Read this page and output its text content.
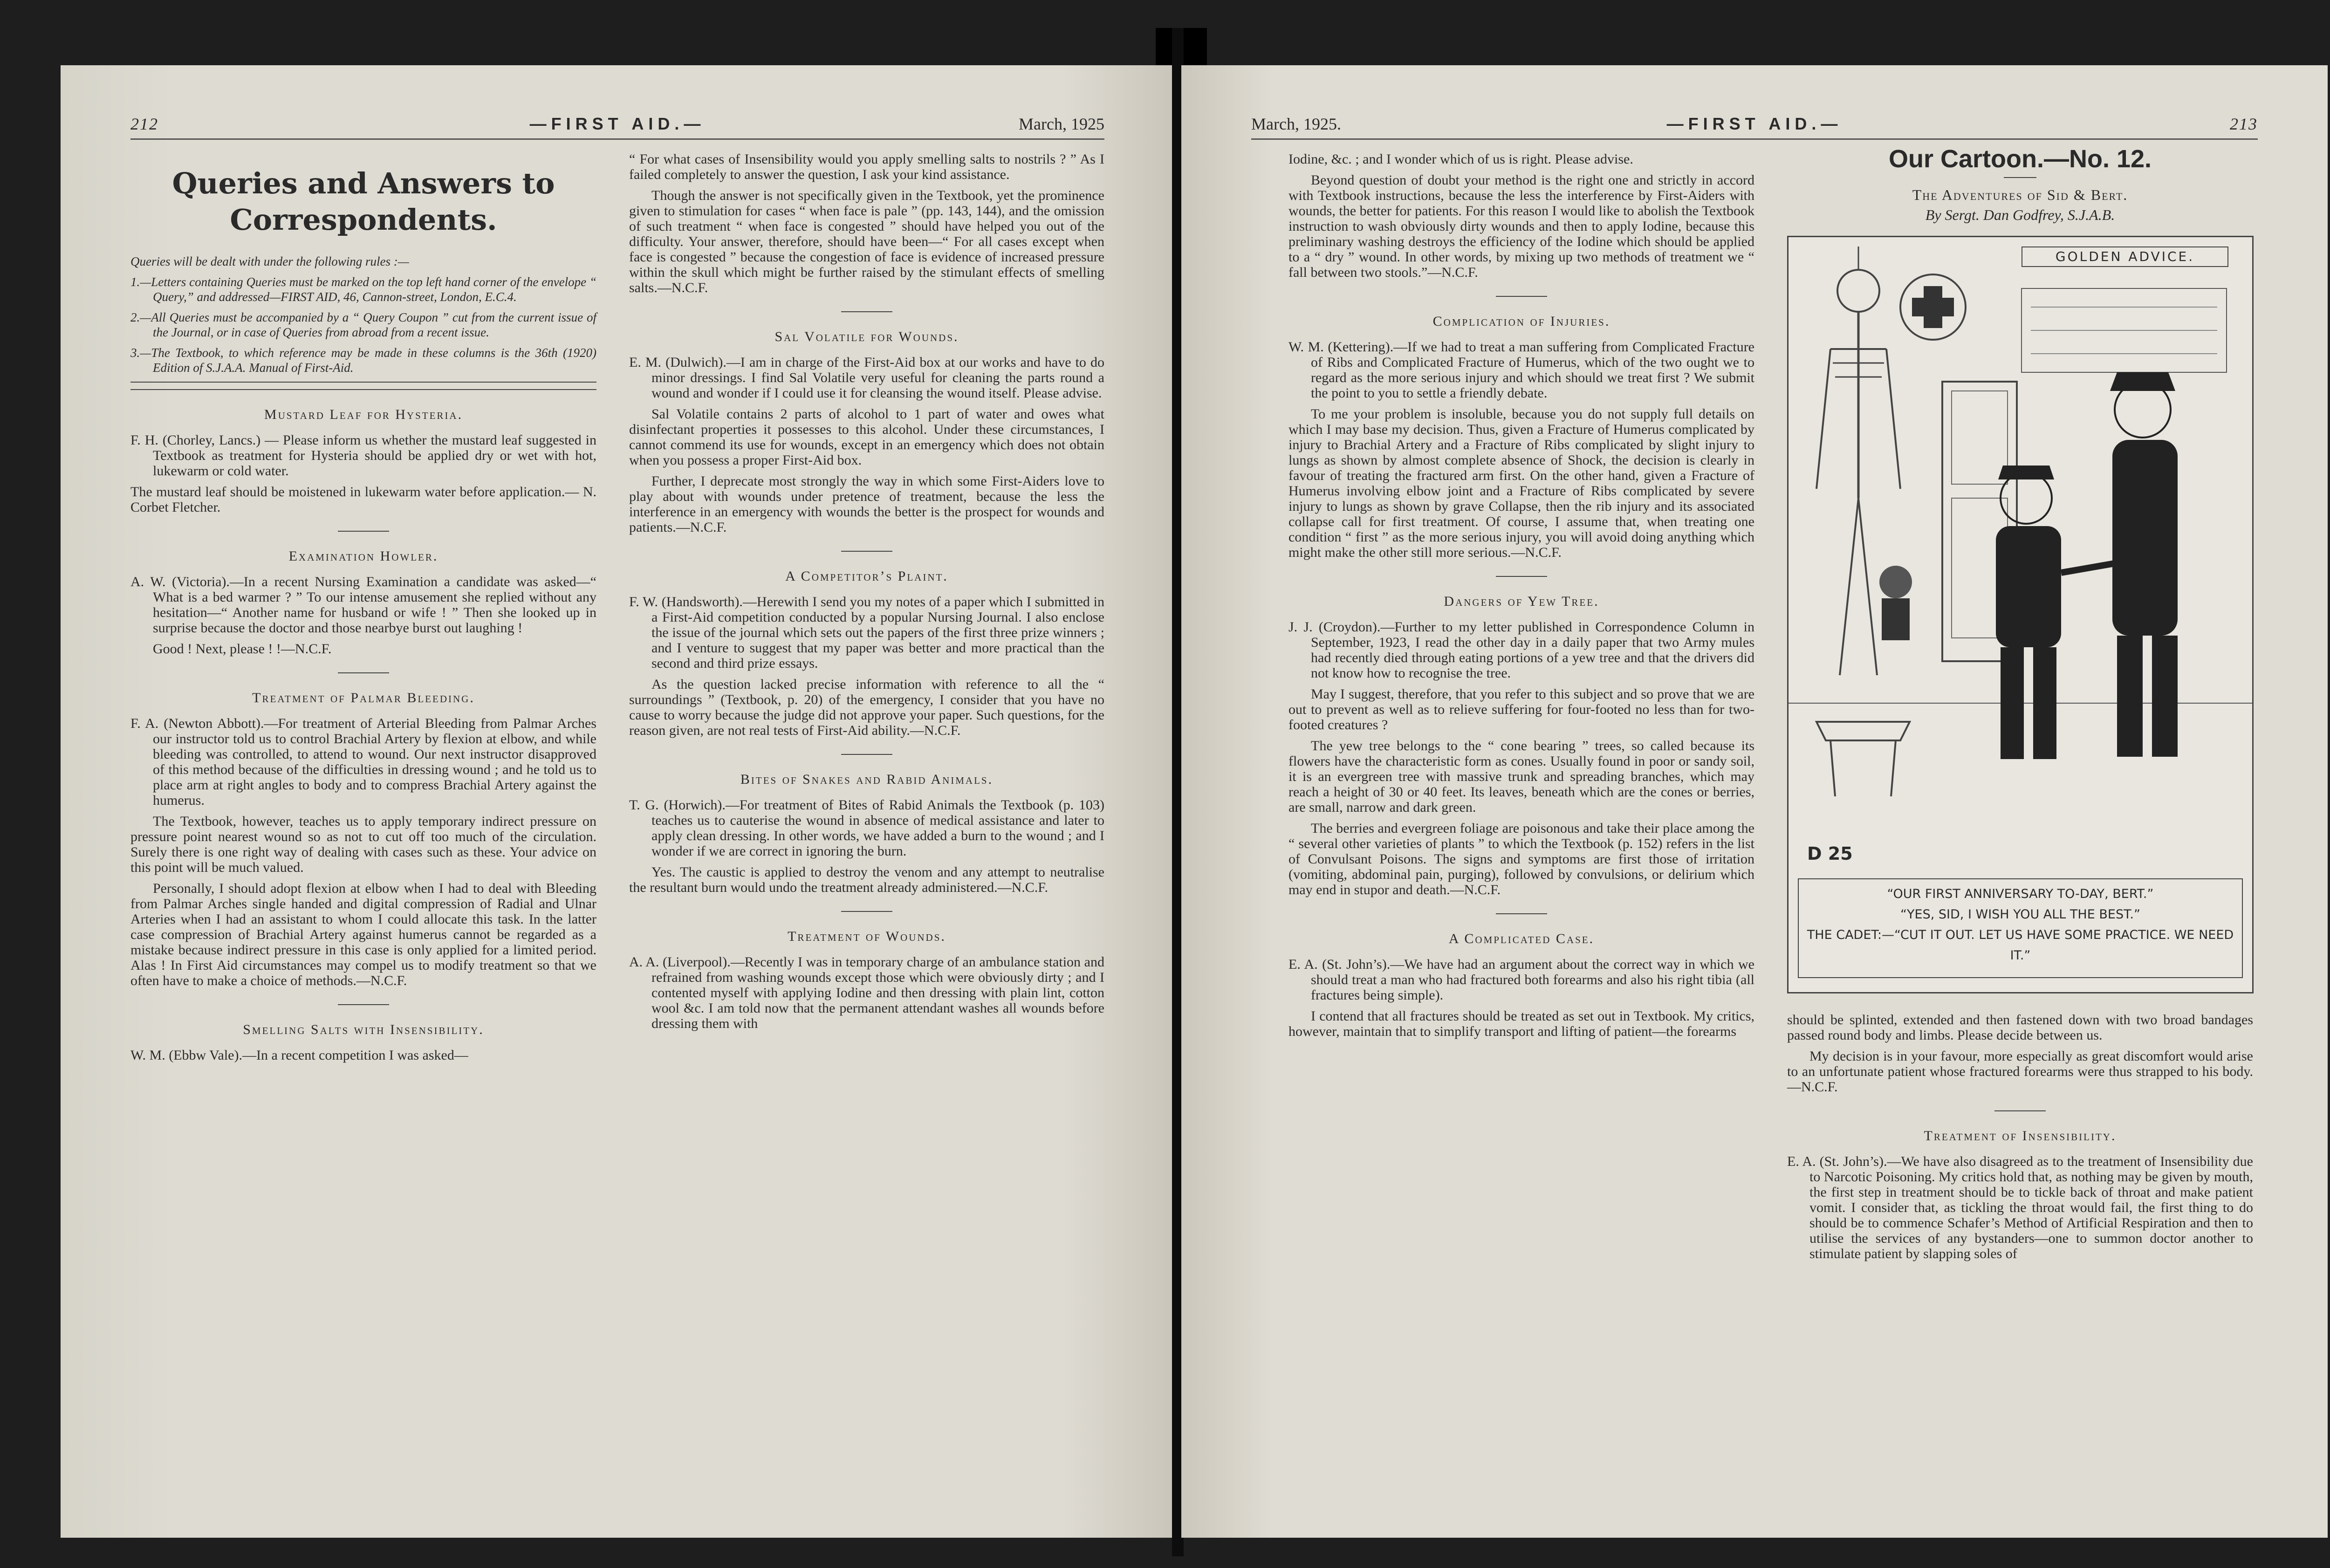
212	—FIRST AID.—	March, 1925
Queries and Answers to Correspondents.

Queries will be dealt with under the following rules :—

1.—Letters containing Queries must be marked on the top left hand corner of the envelope “ Query,” and addressed—FIRST AID, 46, Cannon-street, London, E.C.4.

2.—All Queries must be accompanied by a “ Query Coupon ” cut from the current issue of the Journal, or in case of Queries from abroad from a recent issue.

3.—The Textbook, to which reference may be made in these columns is the 36th (1920) Edition of S.J.A.A. Manual of First-Aid.

Mustard Leaf for Hysteria.

F. H. (Chorley, Lancs.) — Please inform us whether the mustard leaf suggested in Textbook as treatment for Hysteria should be applied dry or wet with hot, lukewarm or cold water.

The mustard leaf should be moistened in lukewarm water before application.— N. Corbet Fletcher.

Examination Howler.

A. W. (Victoria).—In a recent Nursing Examination a candidate was asked—“ What is a bed warmer ? ” To our intense amusement she replied without any hesitation—“ Another name for husband or wife ! ” Then she looked up in surprise because the doctor and those nearbye burst out laughing !

Good ! Next, please ! !—N.C.F.

Treatment of Palmar Bleeding.

F. A. (Newton Abbott).—For treatment of Arterial Bleeding from Palmar Arches our instructor told us to control Brachial Artery by flexion at elbow, and while bleeding was controlled, to attend to wound. Our next instructor disapproved of this method because of the difficulties in dressing wound ; and he told us to place arm at right angles to body and to compress Brachial Artery against the humerus.

The Textbook, however, teaches us to apply temporary indirect pressure on pressure point nearest wound so as not to cut off too much of the circulation. Surely there is one right way of dealing with cases such as these. Your advice on this point will be much valued.

Personally, I should adopt flexion at elbow when I had to deal with Bleeding from Palmar Arches single handed and digital compression of Radial and Ulnar Arteries when I had an assistant to whom I could allocate this task. In the latter case compression of Brachial Artery against humerus cannot be regarded as a mistake because indirect pressure in this case is only applied for a limited period. Alas ! In First Aid circumstances may compel us to modify treatment so that we often have to make a choice of methods.—N.C.F.

Smelling Salts with Insensibility.

W. M. (Ebbw Vale).—In a recent competition I was asked—

“ For what cases of Insensibility would you apply smelling salts to nostrils ? ” As I failed completely to answer the question, I ask your kind assistance.

Though the answer is not specifically given in the Textbook, yet the prominence given to stimulation for cases “ when face is pale ” (pp. 143, 144), and the omission of such treatment “ when face is congested ” should have helped you out of the difficulty. Your answer, therefore, should have been—“ For all cases except when face is congested ” because the congestion of face is evidence of increased pressure within the skull which might be further raised by the stimulant effects of smelling salts.—N.C.F.

Sal Volatile for Wounds.

E. M. (Dulwich).—I am in charge of the First-Aid box at our works and have to do minor dressings. I find Sal Volatile very useful for cleaning the parts round a wound and wonder if I could use it for cleansing the wound itself. Please advise.

Sal Volatile contains 2 parts of alcohol to 1 part of water and owes what disinfectant properties it possesses to this alcohol. Under these circumstances, I cannot commend its use for wounds, except in an emergency which does not obtain when you possess a proper First-Aid box.

Further, I deprecate most strongly the way in which some First-Aiders love to play about with wounds under pretence of treatment, because the less the interference in an emergency with wounds the better is the prospect for wounds and patients.—N.C.F.

A Competitor’s Plaint.

F. W. (Handsworth).—Herewith I send you my notes of a paper which I submitted in a First-Aid competition conducted by a popular Nursing Journal. I also enclose the issue of the journal which sets out the papers of the first three prize winners ; and I venture to suggest that my paper was better and more practical than the second and third prize essays.

As the question lacked precise information with reference to all the “ surroundings ” (Textbook, p. 20) of the emergency, I consider that you have no cause to worry because the judge did not approve your paper. Such questions, for the reason given, are not real tests of First-Aid ability.—N.C.F.

Bites of Snakes and Rabid Animals.

T. G. (Horwich).—For treatment of Bites of Rabid Animals the Textbook (p. 103) teaches us to cauterise the wound in absence of medical assistance and later to apply clean dressing. In other words, we have added a burn to the wound ; and I wonder if we are correct in ignoring the burn.

Yes. The caustic is applied to destroy the venom and any attempt to neutralise the resultant burn would undo the treatment already administered.—N.C.F.

Treatment of Wounds.

A. A. (Liverpool).—Recently I was in temporary charge of an ambulance station and refrained from washing wounds except those which were obviously dirty ; and I contented myself with applying Iodine and then dressing with plain lint, cotton wool &c. I am told now that the permanent attendant washes all wounds before dressing them with

March, 1925.	—FIRST AID.—	213

Iodine, &c. ; and I wonder which of us is right. Please advise.

Beyond question of doubt your method is the right one and strictly in accord with Textbook instructions, because the less the interference by First-Aiders with wounds, the better for patients. For this reason I would like to abolish the Textbook instruction to wash obviously dirty wounds and then to apply Iodine, because this preliminary washing destroys the efficiency of the Iodine which should be applied to a “ dry ” wound. In other words, by mixing up two methods of treatment we “ fall between two stools.”—N.C.F.

Complication of Injuries.

W. M. (Kettering).—If we had to treat a man suffering from Complicated Fracture of Ribs and Complicated Fracture of Humerus, which of the two ought we to regard as the more serious injury and which should we treat first ? We submit the point to you to settle a friendly debate.

To me your problem is insoluble, because you do not supply full details on which I may base my decision. Thus, given a Fracture of Humerus complicated by injury to Brachial Artery and a Fracture of Ribs complicated by slight injury to lungs as shown by almost complete absence of Shock, the decision is clearly in favour of treating the fractured arm first. On the other hand, given a Fracture of Humerus involving elbow joint and a Fracture of Ribs complicated by severe injury to lungs as shown by grave Collapse, then the rib injury and its associated collapse call for first treatment. Of course, I assume that, when treating one condition “ first ” as the more serious injury, you will avoid doing anything which might make the other still more serious.—N.C.F.

Dangers of Yew Tree.

J. J. (Croydon).—Further to my letter published in Correspondence Column in September, 1923, I read the other day in a daily paper that two Army mules had recently died through eating portions of a yew tree and that the drivers did not know how to recognise the tree.

May I suggest, therefore, that you refer to this subject and so prove that we are out to prevent as well as to relieve suffering for four-footed no less than for two-footed creatures ?

The yew tree belongs to the “ cone bearing ” trees, so called because its flowers have the characteristic form as cones. Usually found in poor or sandy soil, it is an evergreen tree with massive trunk and spreading branches, which may reach a height of 30 or 40 feet. Its leaves, beneath which are the cones or berries, are small, narrow and dark green.

The berries and evergreen foliage are poisonous and take their place among the “ several other varieties of plants ” to which the Textbook (p. 152) refers in the list of Convulsant Poisons. The signs and symptoms are first those of irritation (vomiting, abdominal pain, purging), followed by convulsions, or delirium which may end in stupor and death.—N.C.F.

A Complicated Case.

E. A. (St. John’s).—We have had an argument about the correct way in which we should treat a man who had fractured both forearms and also his right tibia (all fractures being simple).

I contend that all fractures should be treated as set out in Textbook. My critics, however, maintain that to simplify transport and lifting of patient—the forearms

Our Cartoon.—No. 12.
The Adventures of Sid & Bert.
By Sergt. Dan Godfrey, S.J.A.B.
GOLDEN ADVICE.
D 25
“OUR FIRST ANNIVERSARY TO-DAY, BERT.”
“YES, SID, I WISH YOU ALL THE BEST.”
THE CADET:—“CUT IT OUT. LET US HAVE SOME PRACTICE. WE NEED IT.”

should be splinted, extended and then fastened down with two broad bandages passed round body and limbs. Please decide between us.

My decision is in your favour, more especially as great discomfort would arise to an unfortunate patient whose fractured forearms were thus strapped to his body.—N.C.F.

Treatment of Insensibility.

E. A. (St. John’s).—We have also disagreed as to the treatment of Insensibility due to Narcotic Poisoning. My critics hold that, as nothing may be given by mouth, the first step in treatment should be to tickle back of throat and make patient vomit. I consider that, as tickling the throat would fail, the first thing to do should be to commence Schafer’s Method of Artificial Respiration and then to utilise the services of any bystanders—one to summon doctor another to stimulate patient by slapping soles of
